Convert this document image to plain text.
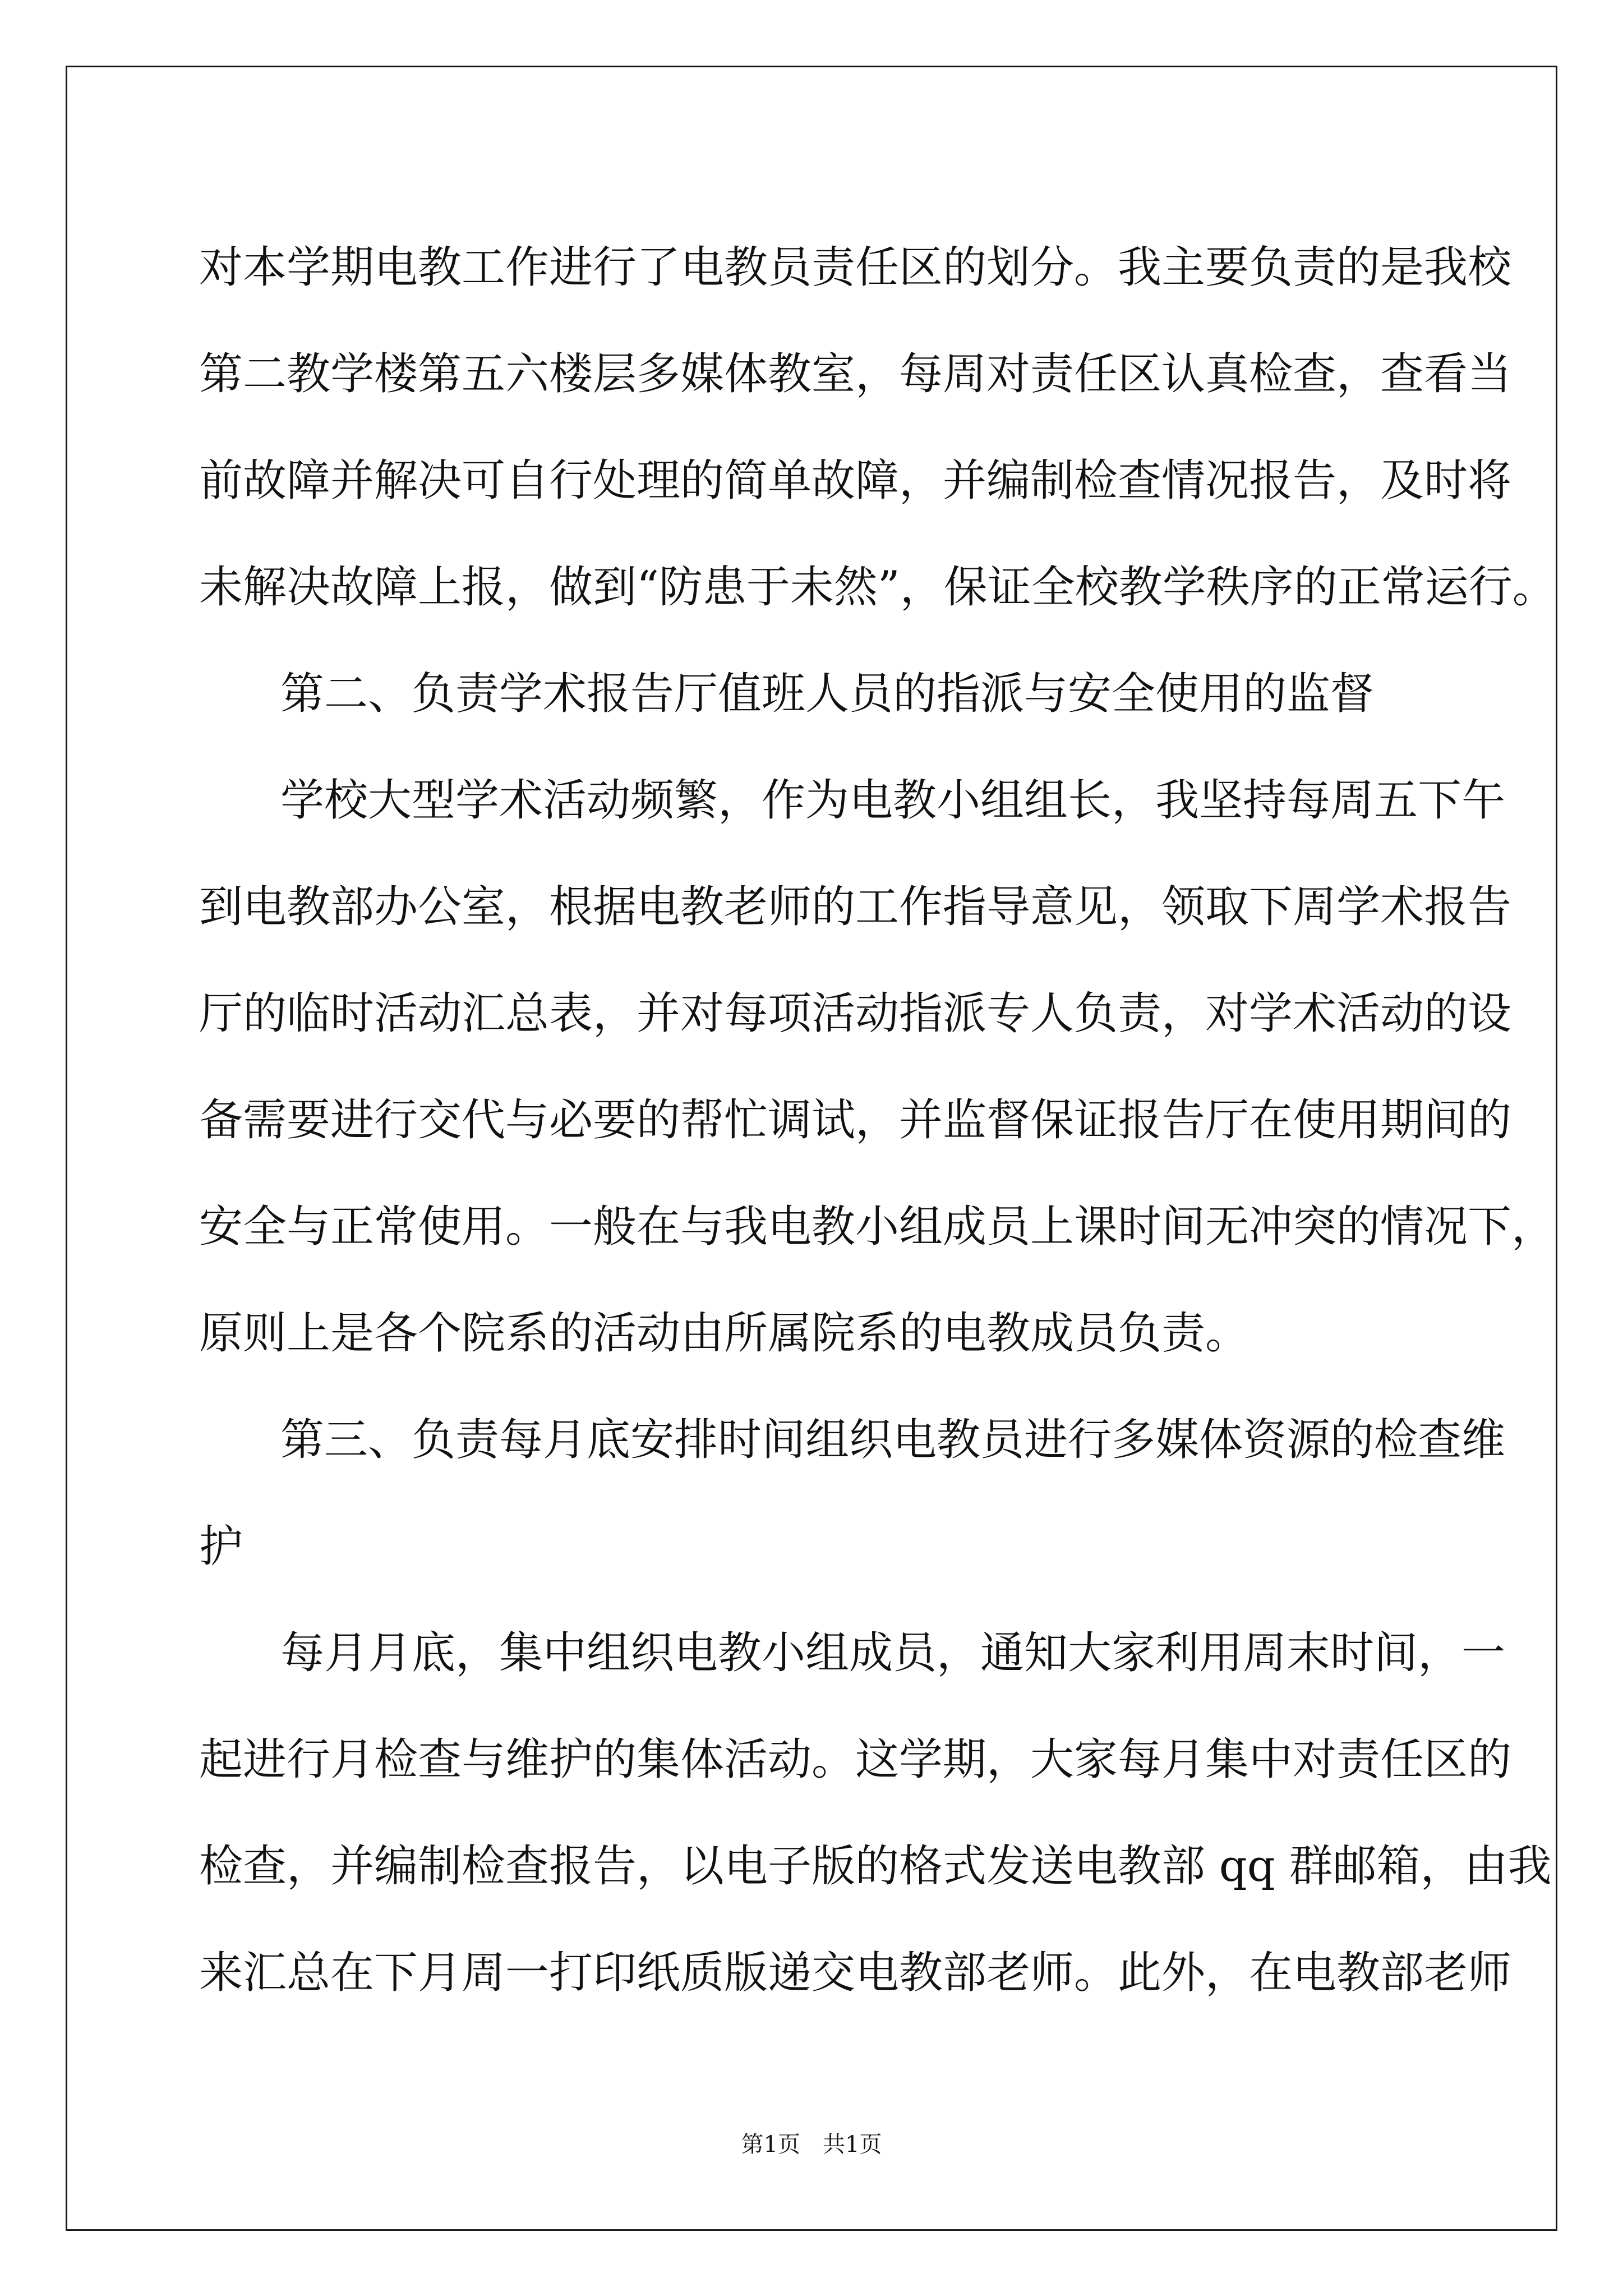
对本学期电教工作进行了电教员责任区的划分。我主要负责的是我校
第二教学楼第五六楼层多媒体教室，每周对责任区认真检查，查看当
前故障并解决可自行处理的简单故障，并编制检查情况报告，及时将
未解决故障上报，做到“防患于未然”，保证全校教学秩序的正常运行。
第二、负责学术报告厅值班人员的指派与安全使用的监督
学校大型学术活动频繁，作为电教小组组长，我坚持每周五下午
到电教部办公室，根据电教老师的工作指导意见，领取下周学术报告
厅的临时活动汇总表，并对每项活动指派专人负责，对学术活动的设
备需要进行交代与必要的帮忙调试，并监督保证报告厅在使用期间的
安全与正常使用。一般在与我电教小组成员上课时间无冲突的情况下，
原则上是各个院系的活动由所属院系的电教成员负责。
第三、负责每月底安排时间组织电教员进行多媒体资源的检查维
护
每月月底，集中组织电教小组成员，通知大家利用周末时间，一
起进行月检查与维护的集体活动。这学期，大家每月集中对责任区的
检查，并编制检查报告，以电子版的格式发送电教部 qq 群邮箱，由我
来汇总在下月周一打印纸质版递交电教部老师。此外，在电教部老师
第1页 共1页
